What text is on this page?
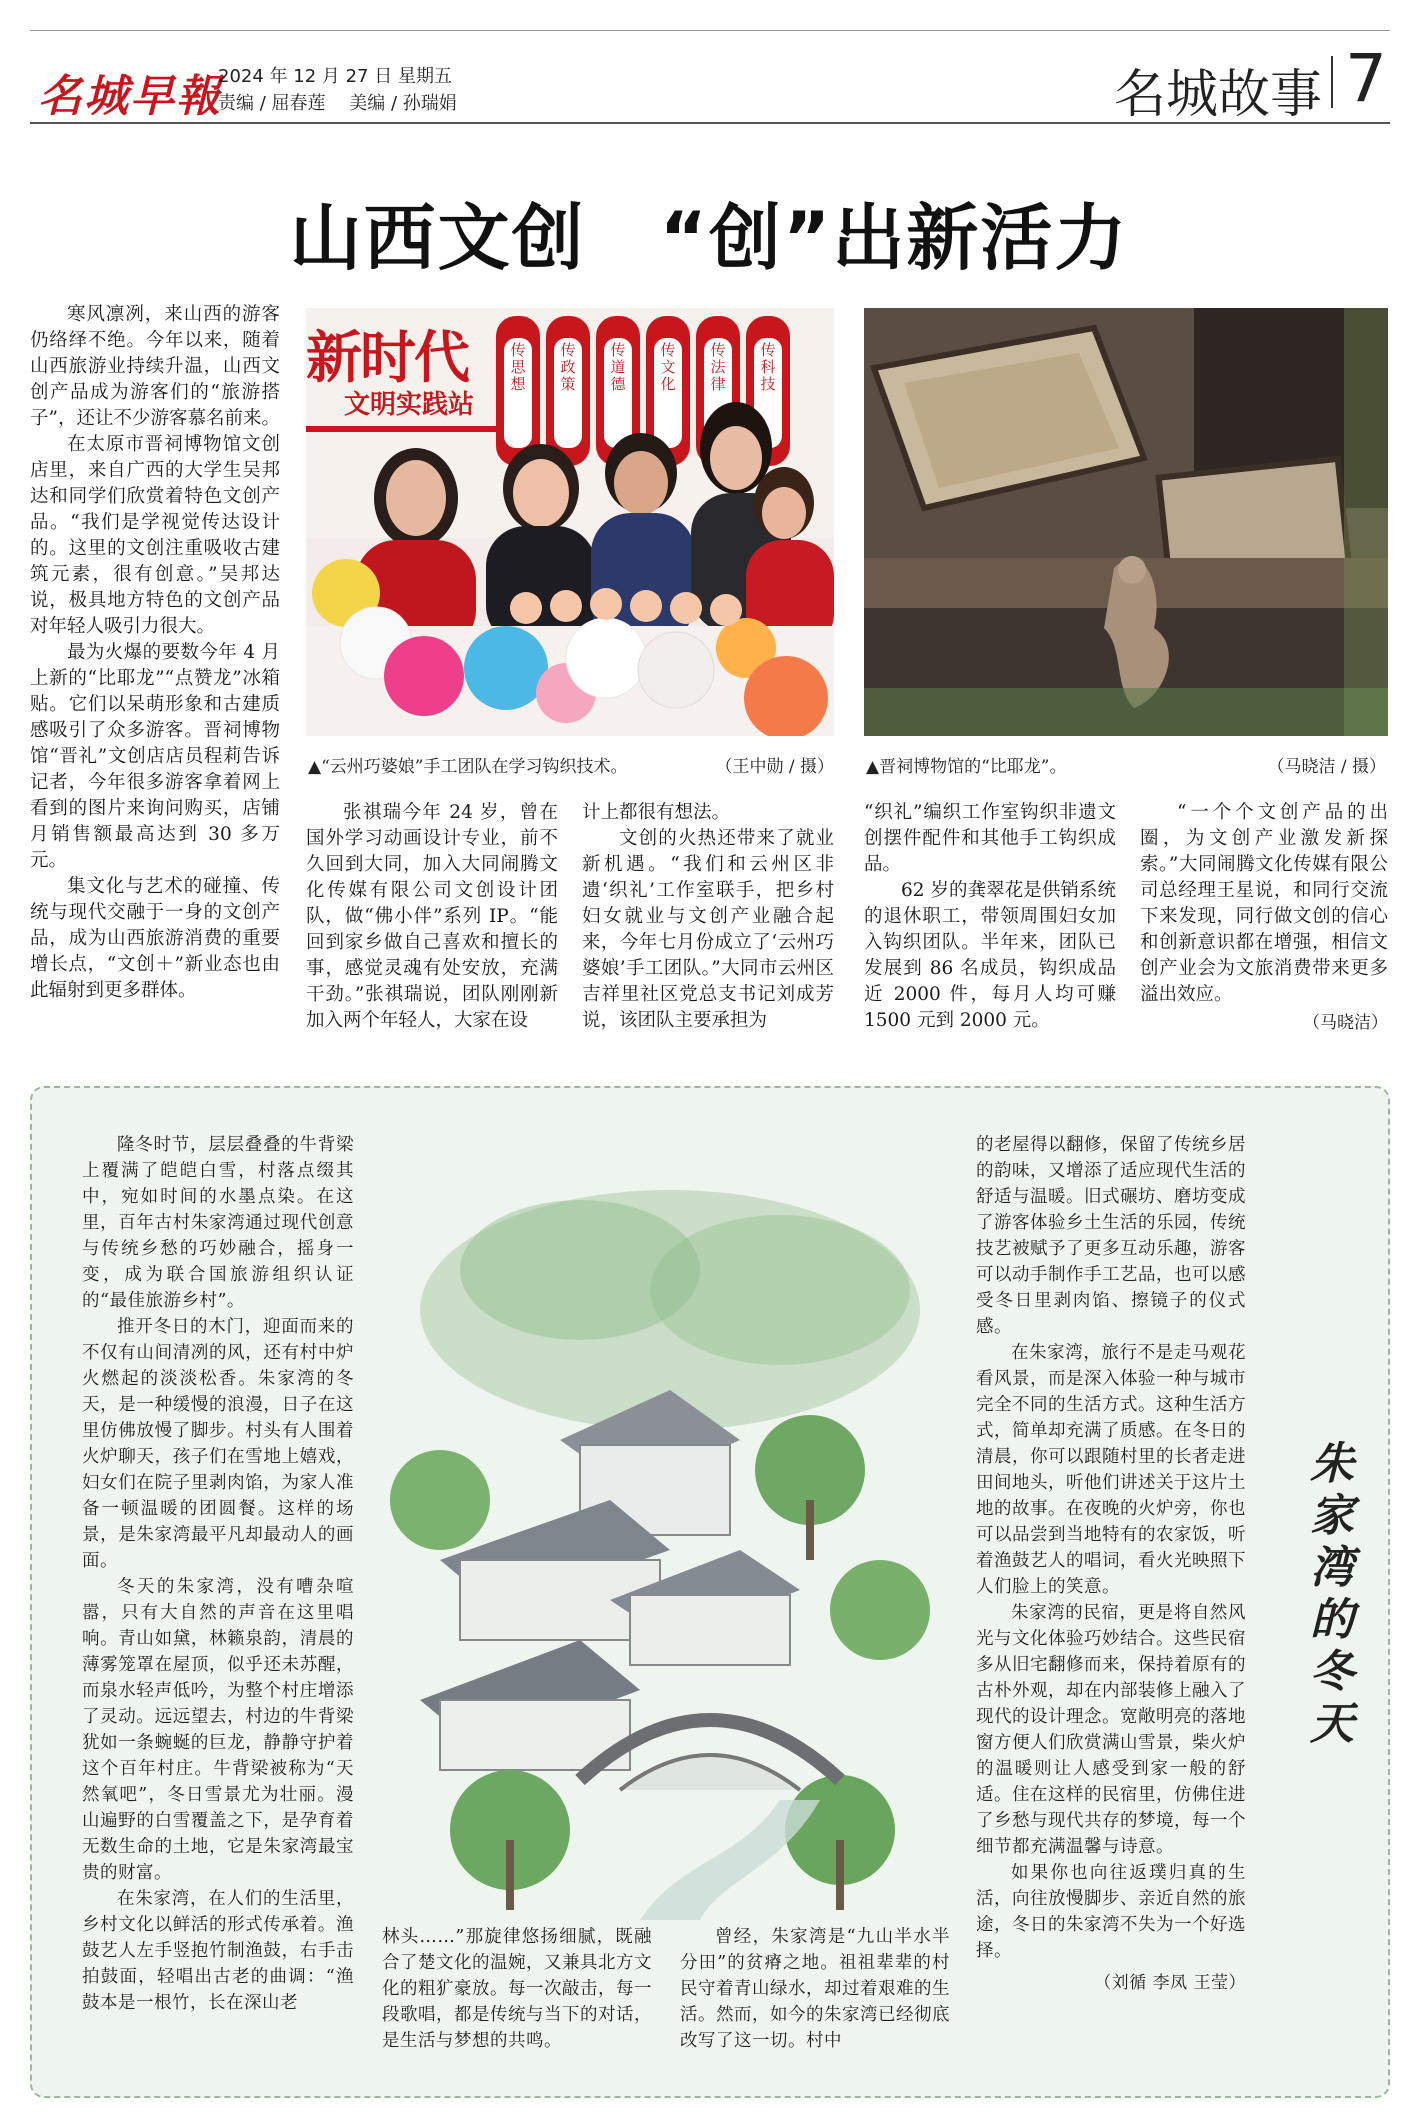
名城早報
2024 年 12 月 27 日 星期五
责编 / 屈春莲 美编 / 孙瑞娟	名城故事 7
山西文创　“创”出新活力

寒风凛冽，来山西的游客仍络绎不绝。今年以来，随着山西旅游业持续升温，山西文创产品成为游客们的“旅游搭子”，还让不少游客慕名前来。

在太原市晋祠博物馆文创店里，来自广西的大学生吴邦达和同学们欣赏着特色文创产品。“我们是学视觉传达设计的。这里的文创注重吸收古建筑元素，很有创意。”吴邦达说，极具地方特色的文创产品对年轻人吸引力很大。

最为火爆的要数今年 4 月上新的“比耶龙”“点赞龙”冰箱贴。它们以呆萌形象和古建质感吸引了众多游客。晋祠博物馆“晋礼”文创店店员程莉告诉记者，今年很多游客拿着网上看到的图片来询问购买，店铺月销售额最高达到 30 多万元。

集文化与艺术的碰撞、传统与现代交融于一身的文创产品，成为山西旅游消费的重要增长点，“文创＋”新业态也由此辐射到更多群体。

新时代
文明实践站
传思想
传政策
传道德
传文化
传法律
传科技
▲“云州巧婆娘”手工团队在学习钩织技术。	（王中勋 / 摄） ▲晋祠博物馆的“比耶龙”。	（马晓洁 / 摄）

张祺瑞今年 24 岁，曾在国外学习动画设计专业，前不久回到大同，加入大同闹腾文化传媒有限公司文创设计团队，做“佛小伴”系列 IP。“能回到家乡做自己喜欢和擅长的事，感觉灵魂有处安放，充满干劲。”张祺瑞说，团队刚刚新加入两个年轻人，大家在设

计上都很有想法。

文创的火热还带来了就业新机遇。“我们和云州区非遗‘织礼’工作室联手，把乡村妇女就业与文创产业融合起来，今年七月份成立了‘云州巧婆娘’手工团队。”大同市云州区吉祥里社区党总支书记刘成芳说，该团队主要承担为

“织礼”编织工作室钩织非遗文创摆件配件和其他手工钩织成品。

62 岁的龚翠花是供销系统的退休职工，带领周围妇女加入钩织团队。半年来，团队已发展到 86 名成员，钩织成品近 2000 件，每月人均可赚 1500 元到 2000 元。

“一个个文创产品的出圈，为文创产业激发新探索。”大同闹腾文化传媒有限公司总经理王星说，和同行交流下来发现，同行做文创的信心和创新意识都在增强，相信文创产业会为文旅消费带来更多溢出效应。

（马晓洁）

隆冬时节，层层叠叠的牛背梁上覆满了皑皑白雪，村落点缀其中，宛如时间的水墨点染。在这里，百年古村朱家湾通过现代创意与传统乡愁的巧妙融合，摇身一变，成为联合国旅游组织认证的“最佳旅游乡村”。

推开冬日的木门，迎面而来的不仅有山间清冽的风，还有村中炉火燃起的淡淡松香。朱家湾的冬天，是一种缓慢的浪漫，日子在这里仿佛放慢了脚步。村头有人围着火炉聊天，孩子们在雪地上嬉戏，妇女们在院子里剥肉馅，为家人准备一顿温暖的团圆餐。这样的场景，是朱家湾最平凡却最动人的画面。

冬天的朱家湾，没有嘈杂喧嚣，只有大自然的声音在这里唱响。青山如黛，林籁泉韵，清晨的薄雾笼罩在屋顶，似乎还未苏醒，而泉水轻声低吟，为整个村庄增添了灵动。远远望去，村边的牛背梁犹如一条蜿蜒的巨龙，静静守护着这个百年村庄。牛背梁被称为“天然氧吧”，冬日雪景尤为壮丽。漫山遍野的白雪覆盖之下，是孕育着无数生命的土地，它是朱家湾最宝贵的财富。

在朱家湾，在人们的生活里，乡村文化以鲜活的形式传承着。渔鼓艺人左手竖抱竹制渔鼓，右手击拍鼓面，轻唱出古老的曲调：“渔鼓本是一根竹，长在深山老

林头……”那旋律悠扬细腻，既融合了楚文化的温婉，又兼具北方文化的粗犷豪放。每一次敲击，每一段歌唱，都是传统与当下的对话，是生活与梦想的共鸣。

曾经，朱家湾是“九山半水半分田”的贫瘠之地。祖祖辈辈的村民守着青山绿水，却过着艰难的生活。然而，如今的朱家湾已经彻底改写了这一切。村中

的老屋得以翻修，保留了传统乡居的韵味，又增添了适应现代生活的舒适与温暖。旧式碾坊、磨坊变成了游客体验乡土生活的乐园，传统技艺被赋予了更多互动乐趣，游客可以动手制作手工艺品，也可以感受冬日里剥肉馅、擦镜子的仪式感。

在朱家湾，旅行不是走马观花看风景，而是深入体验一种与城市完全不同的生活方式。这种生活方式，简单却充满了质感。在冬日的清晨，你可以跟随村里的长者走进田间地头，听他们讲述关于这片土地的故事。在夜晚的火炉旁，你也可以品尝到当地特有的农家饭，听着渔鼓艺人的唱词，看火光映照下人们脸上的笑意。

朱家湾的民宿，更是将自然风光与文化体验巧妙结合。这些民宿多从旧宅翻修而来，保持着原有的古朴外观，却在内部装修上融入了现代的设计理念。宽敞明亮的落地窗方便人们欣赏满山雪景，柴火炉的温暖则让人感受到家一般的舒适。住在这样的民宿里，仿佛住进了乡愁与现代共存的梦境，每一个细节都充满温馨与诗意。

如果你也向往返璞归真的生活，向往放慢脚步、亲近自然的旅途，冬日的朱家湾不失为一个好选择。

（刘循 李凤 王莹）
朱家湾的冬天
